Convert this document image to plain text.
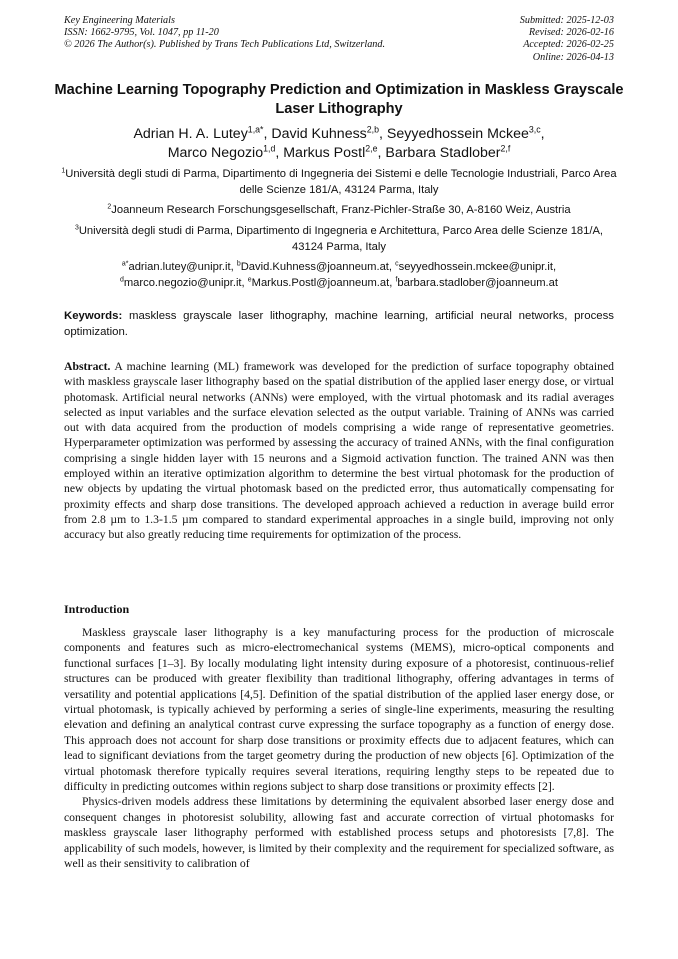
Key Engineering Materials
ISSN: 1662-9795, Vol. 1047, pp 11-20
© 2026 The Author(s). Published by Trans Tech Publications Ltd, Switzerland.
Submitted: 2025-12-03
Revised: 2026-02-16
Accepted: 2026-02-25
Online: 2026-04-13
Machine Learning Topography Prediction and Optimization in Maskless Grayscale Laser Lithography
Adrian H. A. Lutey$^{1,a*}$, David Kuhness$^{2,b}$, Seyyedhossein Mckee$^{3,c}$,
Marco Negozio$^{1,d}$, Markus Postl$^{2,e}$, Barbara Stadlober$^{2,f}$
$^1$Università degli studi di Parma, Dipartimento di Ingegneria dei Sistemi e delle Tecnologie Industriali, Parco Area delle Scienze 181/A, 43124 Parma, Italy
$^2$Joanneum Research Forschungsgesellschaft, Franz-Pichler-Straße 30, A-8160 Weiz, Austria
$^3$Università degli studi di Parma, Dipartimento di Ingegneria e Architettura, Parco Area delle Scienze 181/A, 43124 Parma, Italy
$^{a*}$adrian.lutey@unipr.it, $^b$David.Kuhness@joanneum.at, $^c$seyyedhossein.mckee@unipr.it,
$^d$marco.negozio@unipr.it, $^e$Markus.Postl@joanneum.at, $^f$barbara.stadlober@joanneum.at
Keywords: maskless grayscale laser lithography, machine learning, artificial neural networks, process optimization.
Abstract. A machine learning (ML) framework was developed for the prediction of surface topography obtained with maskless grayscale laser lithography based on the spatial distribution of the applied laser energy dose, or virtual photomask. Artificial neural networks (ANNs) were employed, with the virtual photomask and its radial averages selected as input variables and the surface elevation selected as the output variable. Training of ANNs was carried out with data acquired from the production of models comprising a wide range of representative geometries. Hyperparameter optimization was performed by assessing the accuracy of trained ANNs, with the final configuration comprising a single hidden layer with 15 neurons and a Sigmoid activation function. The trained ANN was then employed within an iterative optimization algorithm to determine the best virtual photomask for the production of new objects by updating the virtual photomask based on the predicted error, thus automatically compensating for proximity effects and sharp dose transitions. The developed approach achieved a reduction in average build error from 2.8 µm to 1.3-1.5 µm compared to standard experimental approaches in a single build, improving not only accuracy but also greatly reducing time requirements for optimization of the process.
Introduction

Maskless grayscale laser lithography is a key manufacturing process for the production of microscale components and features such as micro-electromechanical systems (MEMS), micro-optical components and functional surfaces [1–3]. By locally modulating light intensity during exposure of a photoresist, continuous-relief structures can be produced with greater flexibility than traditional lithography, offering advantages in terms of versatility and potential applications [4,5]. Definition of the spatial distribution of the applied laser energy dose, or virtual photomask, is typically achieved by performing a series of single-line experiments, measuring the resulting elevation and defining an analytical contrast curve expressing the surface topography as a function of energy dose. This approach does not account for sharp dose transitions or proximity effects due to adjacent features, which can lead to significant deviations from the target geometry during the production of new objects [6]. Optimization of the virtual photomask therefore typically requires several iterations, requiring lengthy steps to be repeated due to difficulty in predicting outcomes within regions subject to sharp dose transitions or proximity effects [2].

Physics-driven models address these limitations by determining the equivalent absorbed laser energy dose and consequent changes in photoresist solubility, allowing fast and accurate correction of virtual photomasks for maskless grayscale laser lithography performed with established process setups and photoresists [7,8]. The applicability of such models, however, is limited by their complexity and the requirement for specialized software, as well as their sensitivity to calibration of
